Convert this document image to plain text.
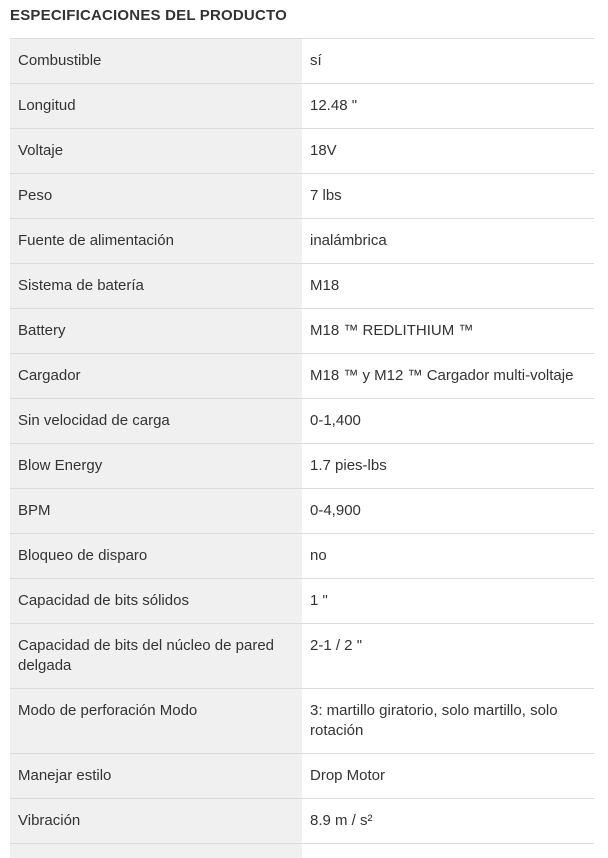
ESPECIFICACIONES DEL PRODUCTO
Combustible	sí
Longitud	12.48 "
Voltaje	18V
Peso	7 lbs
Fuente de alimentación	inalámbrica
Sistema de batería	M18
Battery	M18 ™ REDLITHIUM ™
Cargador	M18 ™ y M12 ™ Cargador multi-voltaje
Sin velocidad de carga	0-1,400
Blow Energy	1.7 pies-lbs
BPM	0-4,900
Bloqueo de disparo	no
Capacidad de bits sólidos	1 "
Capacidad de bits del núcleo de pared delgada	2-1 / 2 "
Modo de perforación Modo	3: martillo giratorio, solo martillo, solo rotación
Manejar estilo	Drop Motor
Vibración	8.9 m / s²
